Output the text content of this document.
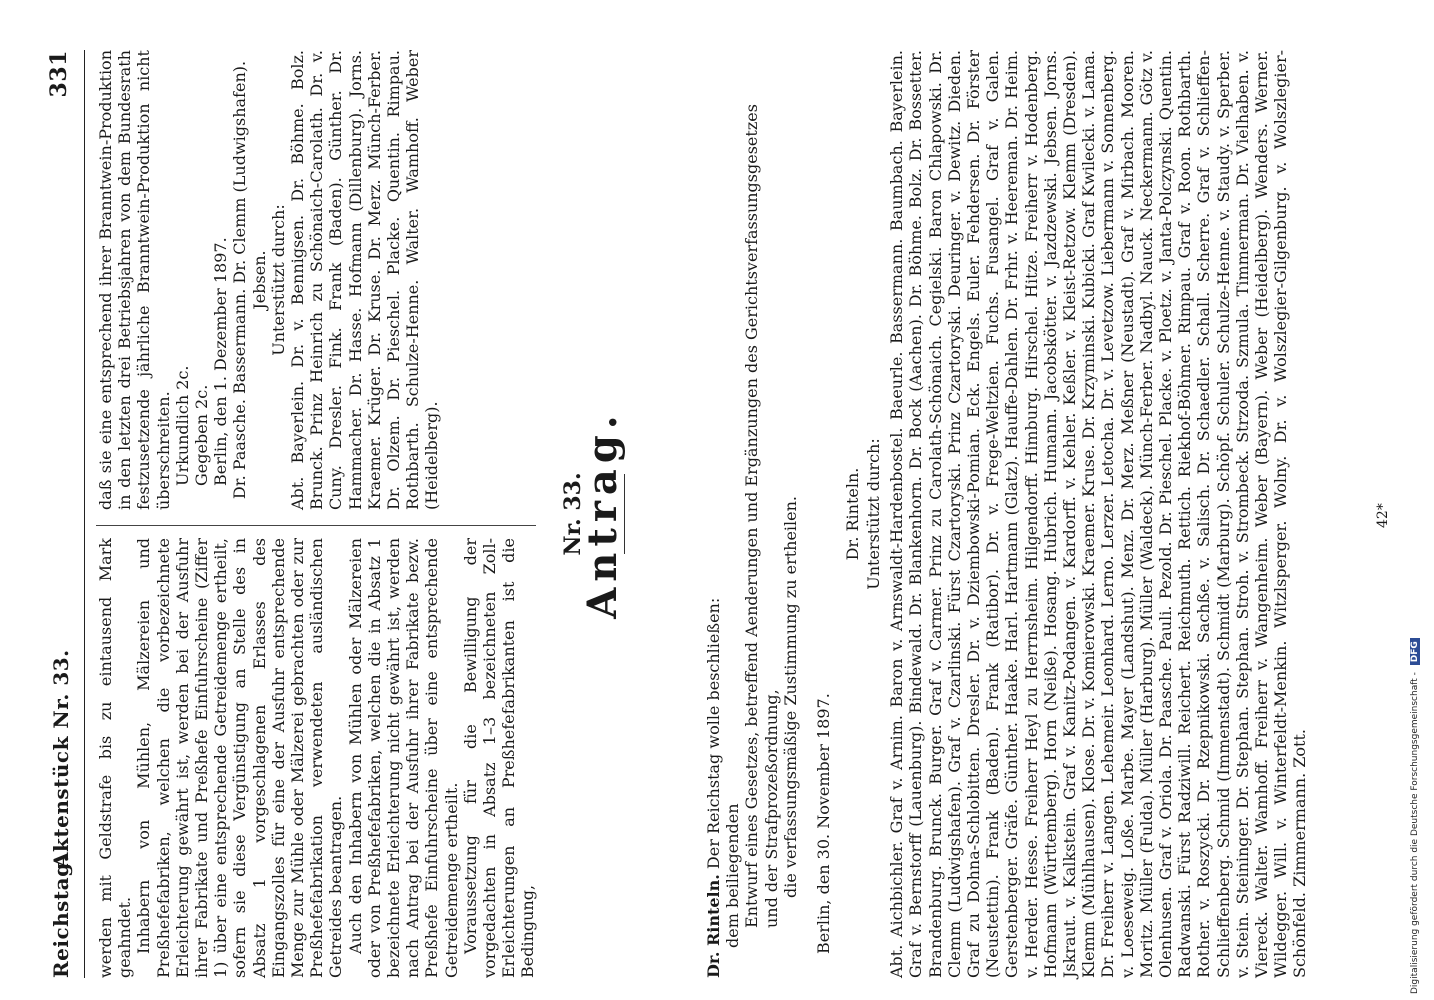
Reichstag.
Aktenstück Nr. 33.
331

werden mit Geldstrafe bis zu eintausend Mark geahndet. Inhabern von Mühlen, Mälzereien und Preßhefefabriken, welchen die vorbezeichnete Erleichterung gewährt ist, werden bei der Ausfuhr ihrer Fabrikate und Preßhefe Einfuhrscheine (Ziffer 1) über eine entsprechende Getreidemenge ertheilt, sofern sie diese Vergünstigung an Stelle des in Absatz 1 vorgeschlagenen Erlasses des Eingangszolles für eine der Ausfuhr entsprechende Menge zur Mühle oder Mälzerei gebrachten oder zur Preßhefefabrikation verwendeten ausländischen Getreides beantragen. Auch den Inhabern von Mühlen oder Mälzereien oder von Preßhefefabriken, welchen die in Absatz 1 bezeichnete Erleichterung nicht gewährt ist, werden nach Antrag bei der Ausfuhr ihrer Fabrikate bezw. Preßhefe Einfuhrscheine über eine entsprechende Getreidemenge ertheilt. Voraussetzung für die Bewilligung der vorgedachten in Absatz 1–3 bezeichneten Zoll-Erleichterungen an Preßhefefabrikanten ist die Bedingung,

daß sie eine entsprechend ihrer Branntwein-Produktion in den letzten drei Betriebsjahren von dem Bundesrath festzusetzende jährliche Branntwein-Produktion nicht überschreiten. Urkundlich 2c. Gegeben 2c. Berlin, den 1. Dezember 1897. Dr. Paasche. Bassermann. Dr. Clemm (Ludwigshafen). Jebsen. Unterstützt durch: Abt. Bayerlein. Dr. v. Bennigsen. Dr. Böhme. Bolz. Brunck. Prinz Heinrich zu Schönaich-Carolath. Dr. v. Cuny. Dresler. Fink. Frank (Baden). Günther. Dr. Hammacher. Dr. Hasse. Hofmann (Dillenburg). Jorns. Kraemer. Krüger. Dr. Kruse. Dr. Merz. Münch-Ferber. Dr. Olzem. Dr. Pieschel. Placke. Quentin. Rimpau. Rothbarth. Schulze-Henne. Walter. Wamhoff. Weber (Heidelberg).

Nr. 33.
Antrag.

Dr. Rinteln. Der Reichstag wolle beschließen:

dem beiliegenden Entwurf eines Gesetzes, betreffend Aenderungen und Ergänzungen des Gerichtsverfassungsgesetzes und der Strafprozeßordnung, die verfassungsmäßige Zustimmung zu ertheilen. Berlin, den 30. November 1897.

Dr. Rinteln. Unterstützt durch: Abt. Aichbichler. Graf v. Arnim. Baron v. Arnswaldt-Hardenbostel. Baeurle. Bassermann. Baumbach. Bayerlein. Graf v. Bernstorff (Lauenburg). Bindewald. Dr. Blankenhorn. Dr. Bock (Aachen). Dr. Böhme. Bolz. Dr. Bossetter. Brandenburg. Brunck. Burger. Graf v. Carmer. Prinz zu Carolath-Schönaich. Cegielski. Baron Chlapowski. Dr. Clemm (Ludwigshafen). Graf v. Czarlinski. Fürst Czartoryski. Prinz Czartoryski. Deuringer. v. Dewitz. Dieden. Graf zu Dohna-Schlobitten. Dresler. Dr. v. Dziembowski-Pomian. Eck. Engels. Euler. Fehdersen. Dr. Förster (Neustettin). Frank (Baden). Frank (Ratibor). Dr. v. Frege-Weltzien. Fuchs. Fusangel. Graf v. Galen. Gerstenberger. Gräfe. Günther. Haake. Harl. Hartmann (Glatz). Hauffe-Dahlen. Dr. Frhr. v. Heereman. Dr. Heim. v. Herder. Hesse. Freiherr Heyl zu Herrnsheim. Hilgendorff. Himburg. Hirschel. Hitze. Freiherr v. Hodenberg. Hofmann (Württemberg). Horn (Neiße). Hosang. Hubrich. Humann. Jacobskötter. v. Jazdzewski. Jebsen. Jorns. Jskraut. v. Kalkstein. Graf v. Kanitz-Podangen. v. Kardorff. v. Kehler. Keßler. v. Kleist-Retzow. Klemm (Dresden). Klemm (Mühlhausen). Klose. Dr. v. Komierowski. Kraemer. Kruse. Dr. Krzyminski. Kubicki. Graf Kwilecki. v. Lama. Dr. Freiherr v. Langen. Lehemeir. Leonhard. Lerno. Lerzer. Letocha. Dr. v. Levetzow. Liebermann v. Sonnenberg. v. Loeseweig. Loße. Marbe. Mayer (Landshut). Menz. Dr. Merz. Meßner (Neustadt). Graf v. Mirbach. Mooren. Moritz. Müller (Fulda). Müller (Harburg). Müller (Waldeck). Münch-Ferber. Nadbyl. Nauck. Neckermann. Götz v. Olenhusen. Graf v. Oriola. Dr. Paasche. Pauli. Pezold. Dr. Pieschel. Placke. v. Ploetz. v. Janta-Polczynski. Quentin. Radwanski. Fürst Radziwill. Reichert. Reichmuth. Rettich. Riekhof-Böhmer. Rimpau. Graf v. Roon. Rothbarth. Rother. v. Roszycki. Dr. Rzepnikowski. Sachße. v. Salisch. Dr. Schaedler. Schall. Scherre. Graf v. Schlieffen-Schlieffenberg. Schmid (Immenstadt). Schmidt (Marburg). Schöpf. Schuler. Schulze-Henne. v. Staudy. v. Sperber. v. Stein. Steininger. Dr. Stephan. Stephan. Stroh. v. Strombeck. Strzoda. Szmula. Timmerman. Dr. Vielhaben. v. Viereck. Walter. Wamhoff. Freiherr v. Wangenheim. Weber (Bayern). Weber (Heidelberg). Wenders. Werner. Wildegger. Will. v. Winterfeldt-Menkin. Witzlsperger. Wolny. Dr. v. Wolszlegier-Gilgenburg. v. Wolszlegier-Schönfeld. Zimmermann. Zott.
42*
Digitalisierung gefördert durch die Deutsche Forschungsgemeinschaft - DFG
